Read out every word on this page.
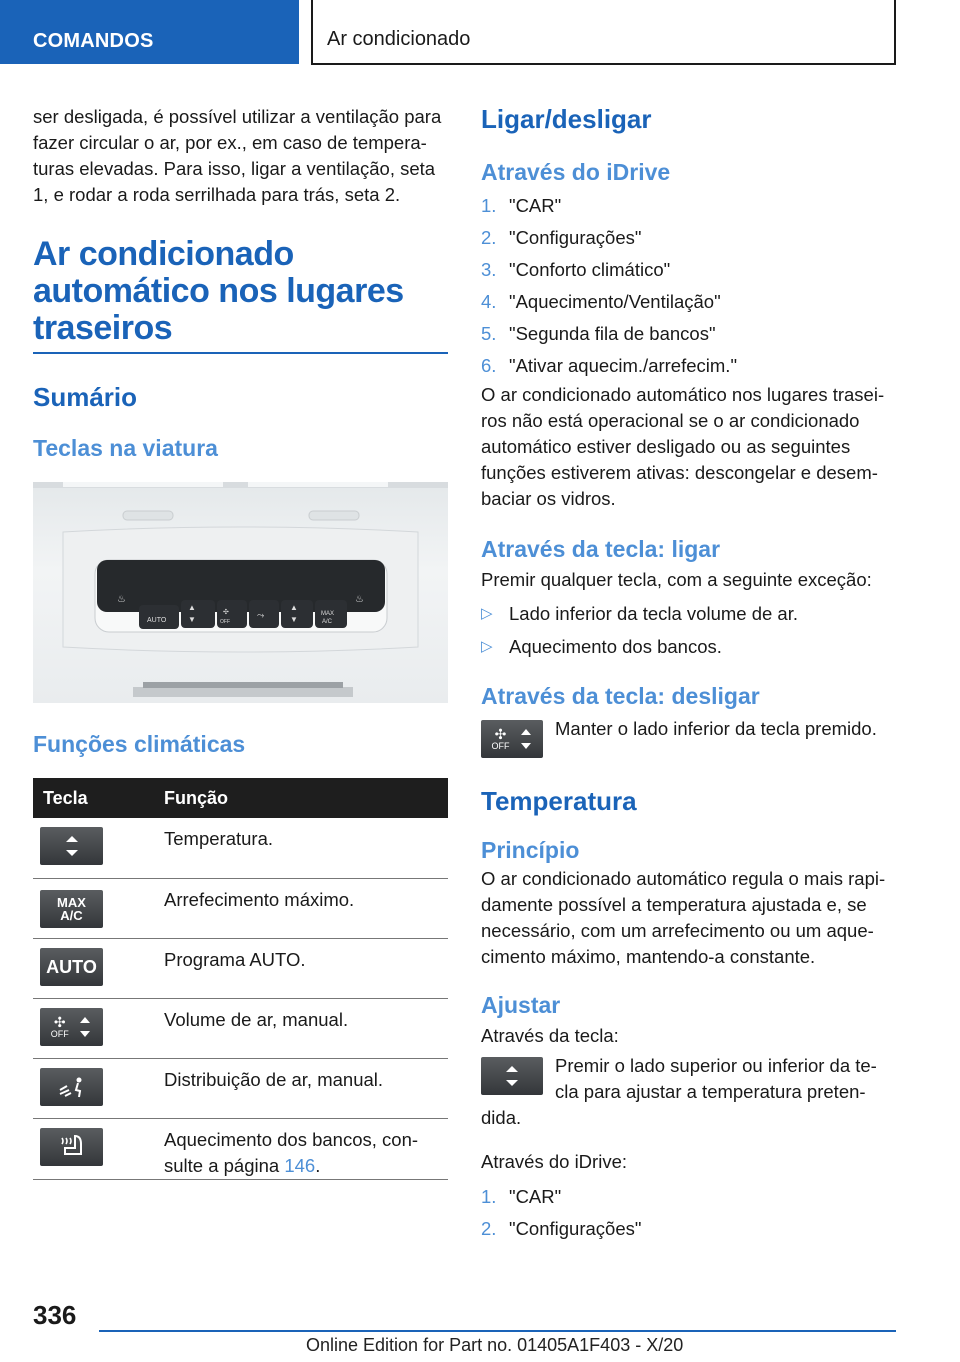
COMANDOS	Ar condicionado

ser desligada, é possível utilizar a ventilação para fazer circular o ar, por ex., em caso de tempera‐turas elevadas. Para isso, ligar a ventilação, seta 1, e rodar a roda serrilhada para trás, seta 2.

Ar condicionado automático nos lugares traseiros
Sumário
Teclas na viatura
AUTO
▲
▼
✣
OFF
⤳
▲
▼
MAX
A/C
♨	♨
Funções climáticas
Tecla	Função

	Temperatura.

MAX
A/C	Arrefecimento máximo.

AUTO	Programa AUTO.

✣
OFF	Volume de ar, manual.

	Distribuição de ar, manual.

	Aquecimento dos bancos, con‐sulte a página 146.
Ligar/desligar
Através do iDrive
1. "CAR"
2. "Configurações"
3. "Conforto climático"
4. "Aquecimento/Ventilação"
5. "Segunda fila de bancos"
6. "Ativar aquecim./arrefecim."

O ar condicionado automático nos lugares trasei‐ros não está operacional se o ar condicionado automático estiver desligado ou as seguintes funções estiverem ativas: descongelar e desem‐baciar os vidros.

Através da tecla: ligar

Premir qualquer tecla, com a seguinte exceção:

▷ Lado inferior da tecla volume de ar.
▷ Aquecimento dos bancos.
Através da tecla: desligar
✣
OFF

Manter o lado inferior da tecla premido.

Temperatura
Princípio

O ar condicionado automático regula o mais rapi‐damente possível a temperatura ajustada e, se necessário, com um arrefecimento ou um aque‐cimento máximo, mantendo-a constante.

Ajustar

Através da tecla:

Premir o lado superior ou inferior da te‐cla para ajustar a temperatura preten‐

dida.

Através do iDrive:

1. "CAR"
2. "Configurações"
336
Online Edition for Part no. 01405A1F403 - X/20
